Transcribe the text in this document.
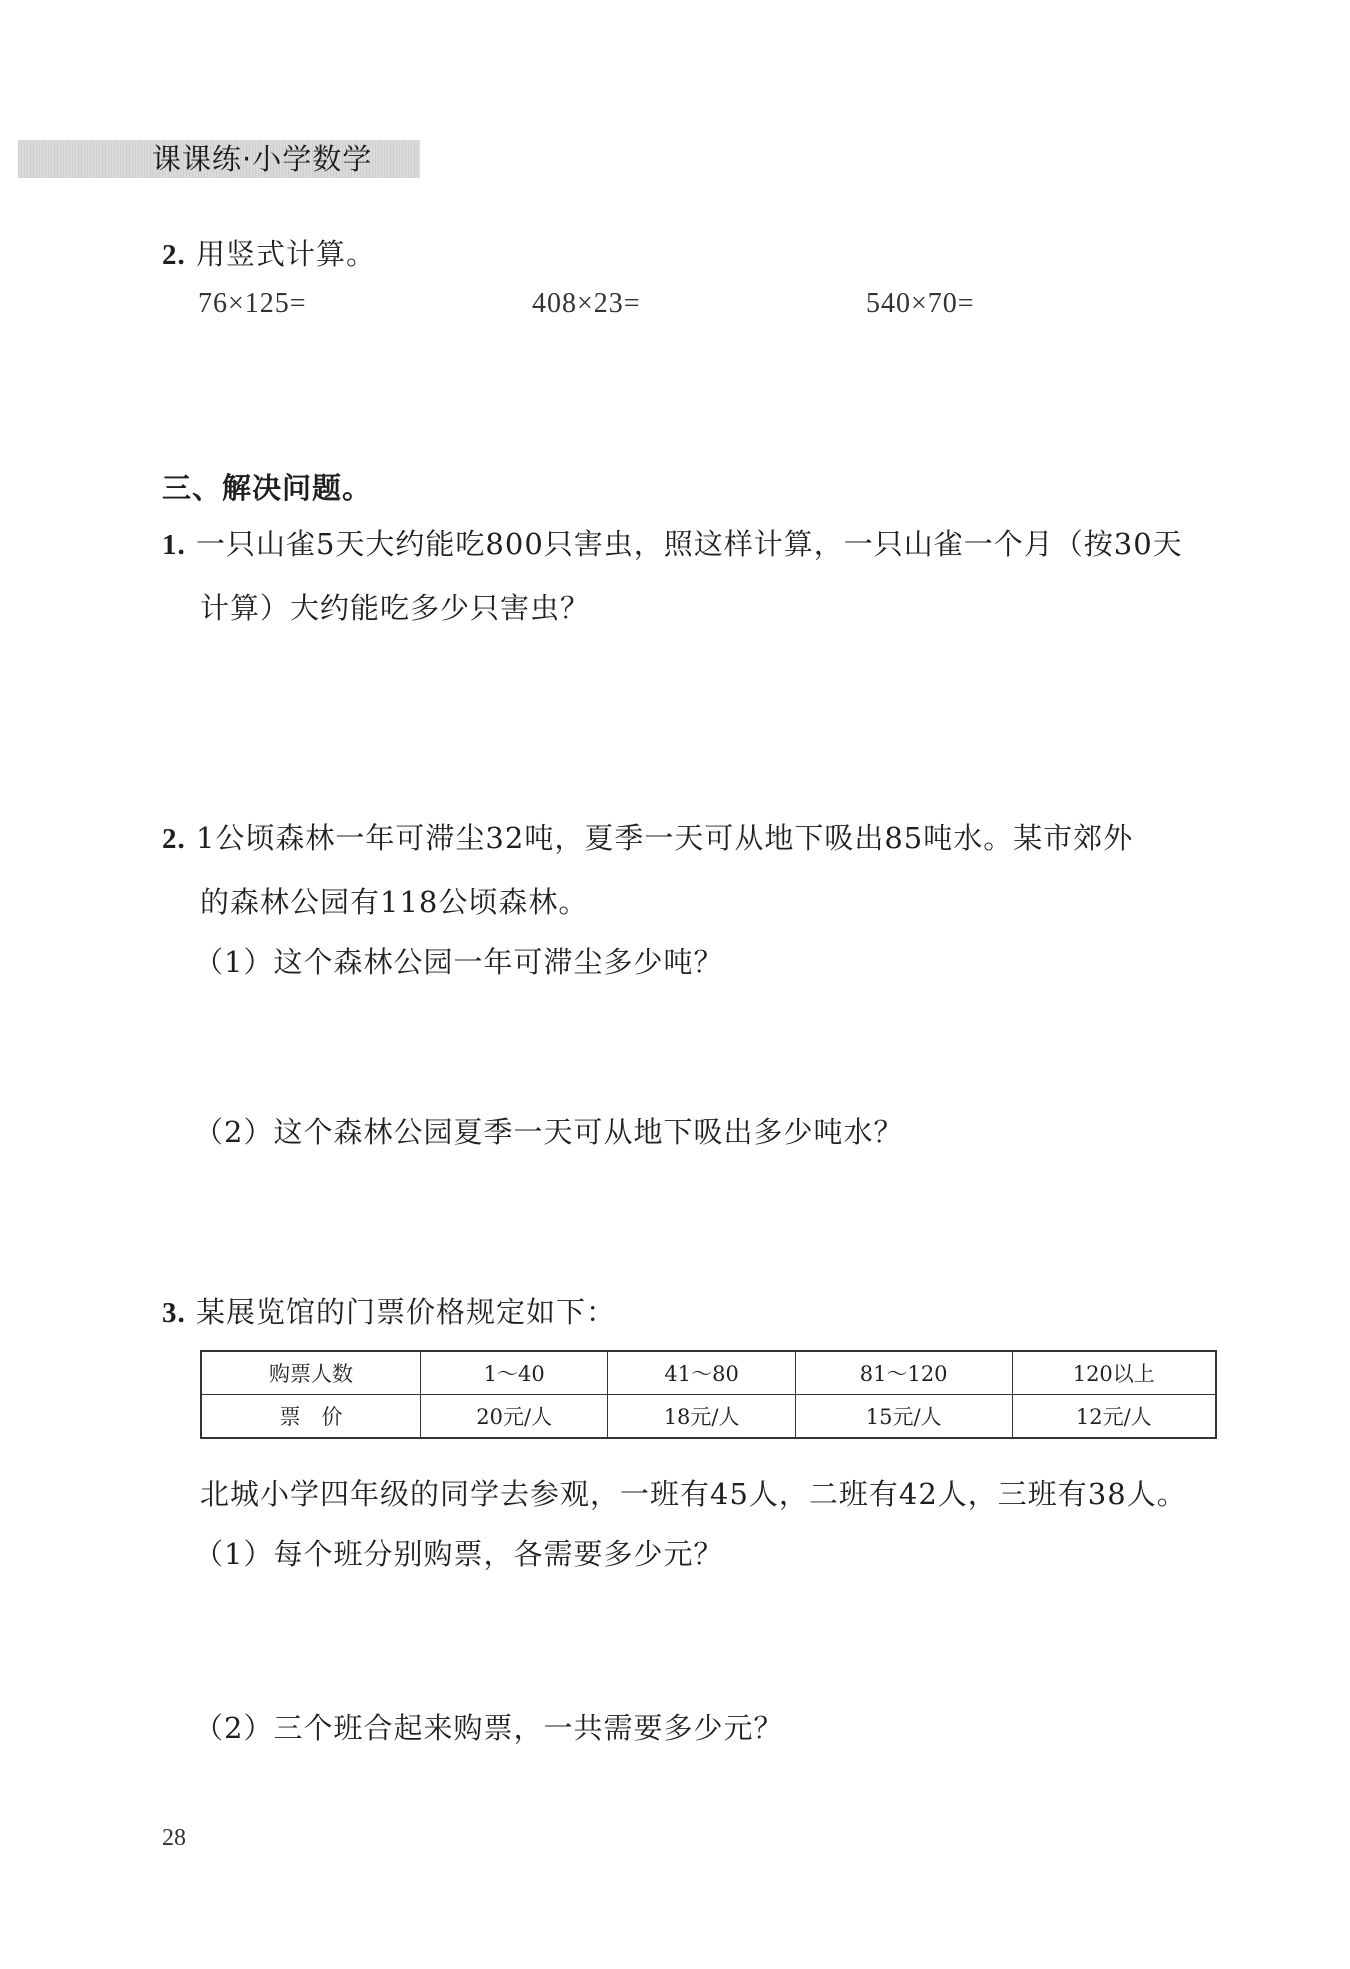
课课练·小学数学
2. 用竖式计算。
76×125=	408×23=	540×70=
三、解决问题。
1. 一只山雀5天大约能吃800只害虫，照这样计算，一只山雀一个月（按30天
计算）大约能吃多少只害虫？
2. 1公顷森林一年可滞尘32吨，夏季一天可从地下吸出85吨水。某市郊外
的森林公园有118公顷森林。
（1）这个森林公园一年可滞尘多少吨？
（2）这个森林公园夏季一天可从地下吸出多少吨水？
3. 某展览馆的门票价格规定如下：
购票人数	1～40	41～80	81～120	120以上
票　价	20元/人	18元/人	15元/人	12元/人
北城小学四年级的同学去参观，一班有45人，二班有42人，三班有38人。
（1）每个班分别购票，各需要多少元？
（2）三个班合起来购票，一共需要多少元？
28
